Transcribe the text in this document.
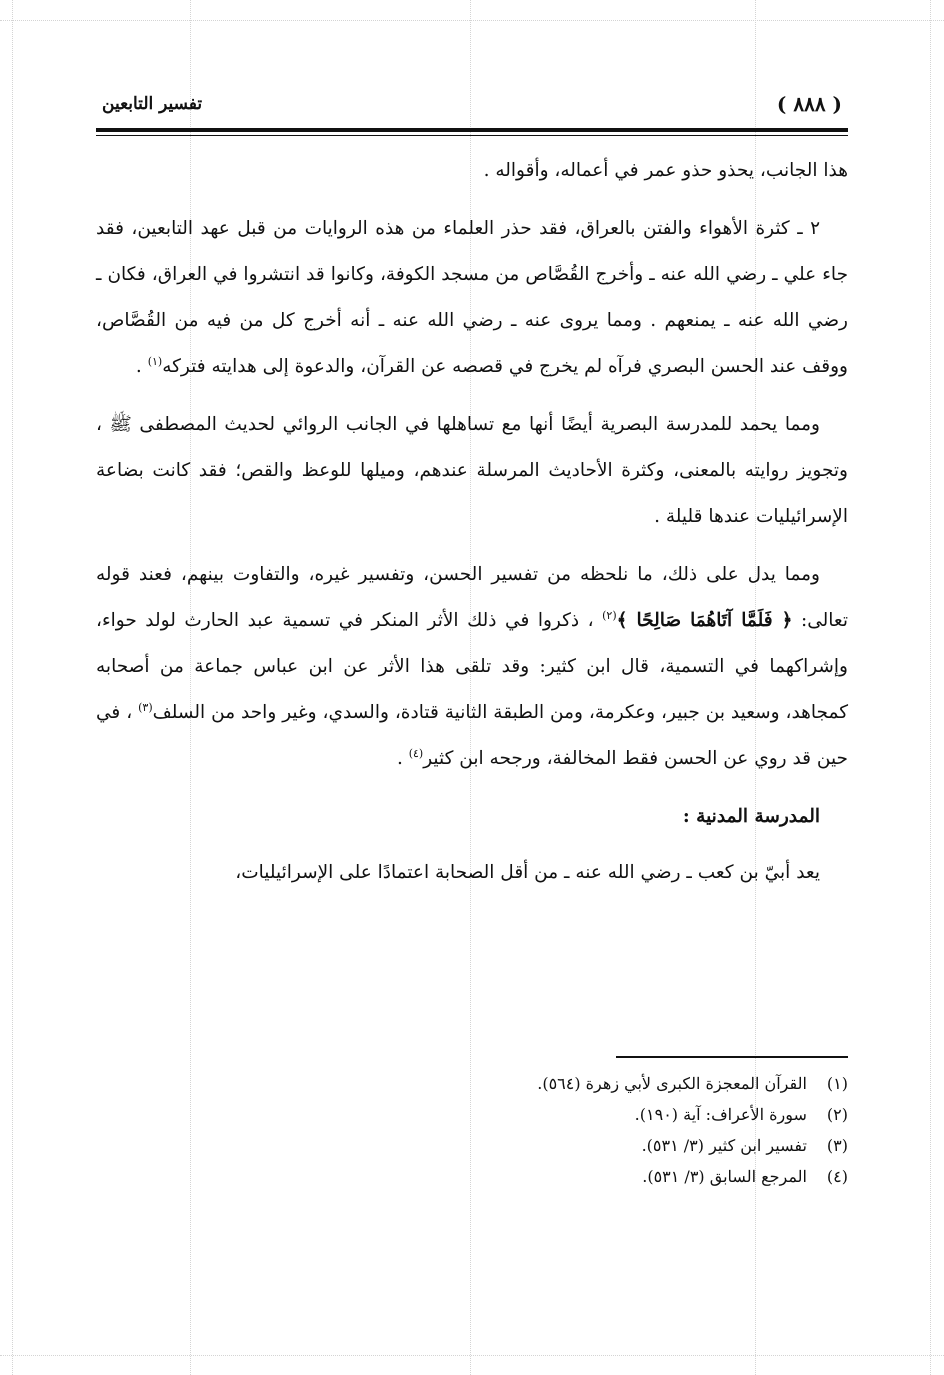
( ٨٨٨ )
تفسير التابعين

هذا الجانب، يحذو حذو عمر في أعماله، وأقواله .

٢ ـ كثرة الأهواء والفتن بالعراق، فقد حذر العلماء من هذه الروايات من قبل عهد التابعين، فقد جاء علي ـ رضي الله عنه ـ وأخرج القُصَّاص من مسجد الكوفة، وكانوا قد انتشروا في العراق، فكان ـ رضي الله عنه ـ يمنعهم . ومما يروى عنه ـ رضي الله عنه ـ أنه أخرج كل من فيه من القُصَّاص، ووقف عند الحسن البصري فرآه لم يخرج في قصصه عن القرآن، والدعوة إلى هدايته فتركه$^{(١)}$ .

ومما يحمد للمدرسة البصرية أيضًا أنها مع تساهلها في الجانب الروائي لحديث المصطفى ﷺ ، وتجويز روايته بالمعنى، وكثرة الأحاديث المرسلة عندهم، وميلها للوعظ والقص؛ فقد كانت بضاعة الإسرائيليات عندها قليلة .

ومما يدل على ذلك، ما نلحظه من تفسير الحسن، وتفسير غيره، والتفاوت بينهم، فعند قوله تعالى: ﴿ فَلَمَّا آتَاهُمَا صَالِحًا ﴾$^{(٢)}$ ، ذكروا في ذلك الأثر المنكر في تسمية عبد الحارث لولد حواء، وإشراكهما في التسمية، قال ابن كثير: وقد تلقى هذا الأثر عن ابن عباس جماعة من أصحابه كمجاهد، وسعيد بن جبير، وعكرمة، ومن الطبقة الثانية قتادة، والسدي، وغير واحد من السلف$^{(٣)}$ ، في حين قد روي عن الحسن فقط المخالفة، ورجحه ابن كثير$^{(٤)}$ .

المدرسة المدنية :

يعد أبيّ بن كعب ـ رضي الله عنه ـ من أقل الصحابة اعتمادًا على الإسرائيليات،

(١) القرآن المعجزة الكبرى لأبي زهرة (٥٦٤).
(٢) سورة الأعراف: آية (١٩٠).
(٣) تفسير ابن كثير (٣/ ٥٣١).
(٤) المرجع السابق (٣/ ٥٣١).
